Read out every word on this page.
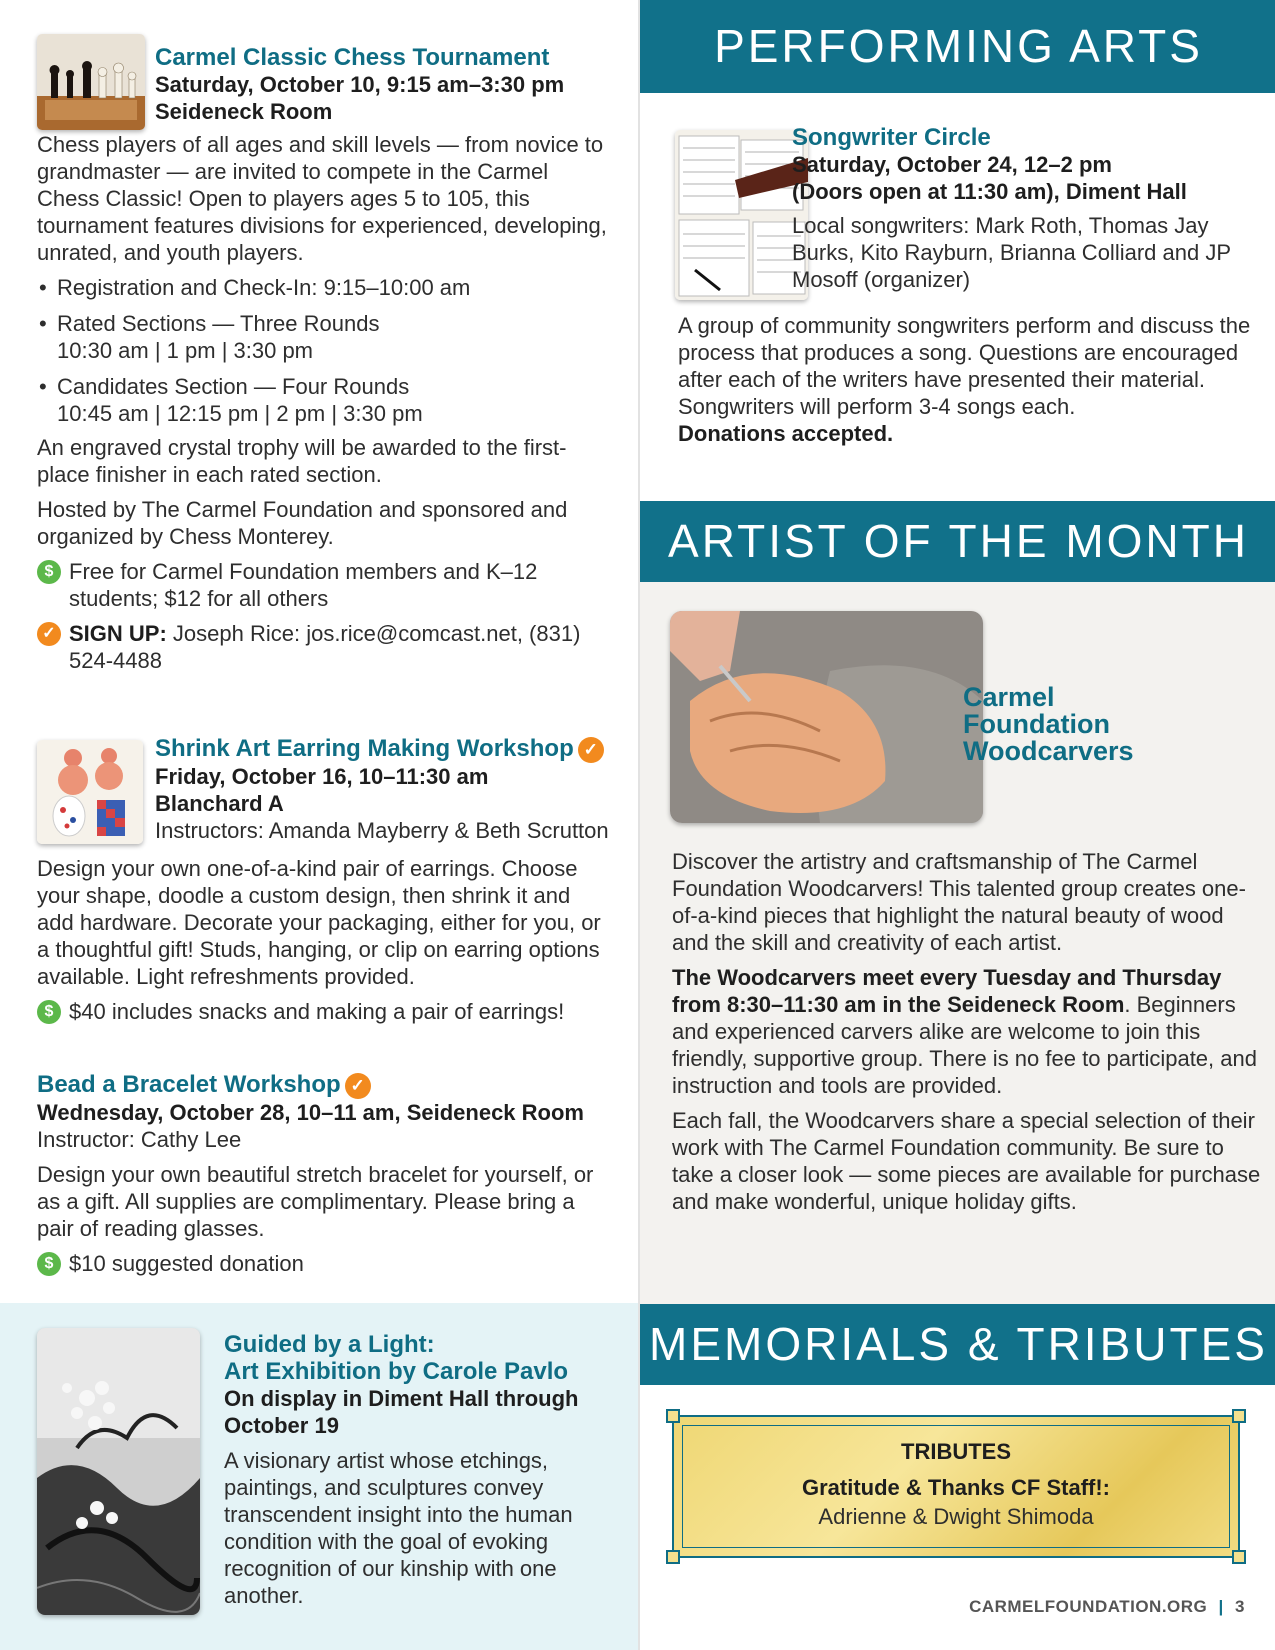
Carmel Classic Chess Tournament
Saturday, October 10, 9:15 am–3:30 pm
Seideneck Room

Chess players of all ages and skill levels — from novice to grandmaster — are invited to compete in the Carmel Chess Classic! Open to players ages 5 to 105, this tournament features divisions for experienced, developing, unrated, and youth players.

• Registration and Check-In: 9:15–10:00 am
• Rated Sections — Three Rounds
10:30 am | 1 pm | 3:30 pm
• Candidates Section — Four Rounds
10:45 am | 12:15 pm | 2 pm | 3:30 pm

An engraved crystal trophy will be awarded to the first-place finisher in each rated section.

Hosted by The Carmel Foundation and sponsored and organized by Chess Monterey.

$ Free for Carmel Foundation members and K–12 students; $12 for all others
✓ SIGN UP: Joseph Rice: jos.rice@comcast.net, (831) 524-4488
Shrink Art Earring Making Workshop ✓
Friday, October 16, 10–11:30 am
Blanchard A
Instructors: Amanda Mayberry & Beth Scrutton

Design your own one-of-a-kind pair of earrings. Choose your shape, doodle a custom design, then shrink it and add hardware. Decorate your packaging, either for you, or a thoughtful gift! Studs, hanging, or clip on earring options available. Light refreshments provided.

$ $40 includes snacks and making a pair of earrings!
Bead a Bracelet Workshop ✓
Wednesday, October 28, 10–11 am, Seideneck Room
Instructor: Cathy Lee

Design your own beautiful stretch bracelet for yourself, or as a gift. All supplies are complimentary. Please bring a pair of reading glasses.

$ $10 suggested donation
Guided by a Light:
Art Exhibition by Carole Pavlo
On display in Diment Hall through October 19

A visionary artist whose etchings, paintings, and sculptures convey transcendent insight into the human condition with the goal of evoking recognition of our kinship with one another.

PERFORMING ARTS
Songwriter Circle
Saturday, October 24, 12–2 pm
(Doors open at 11:30 am), Diment Hall

Local songwriters: Mark Roth, Thomas Jay Burks, Kito Rayburn, Brianna Colliard and JP Mosoff (organizer)

A group of community songwriters perform and discuss the process that produces a song. Questions are encouraged after each of the writers have presented their material. Songwriters will perform 3-4 songs each.

Donations accepted.

ARTIST OF THE MONTH
Carmel Foundation Woodcarvers

Discover the artistry and craftsmanship of The Carmel Foundation Woodcarvers! This talented group creates one-of-a-kind pieces that highlight the natural beauty of wood and the skill and creativity of each artist.

The Woodcarvers meet every Tuesday and Thursday from 8:30–11:30 am in the Seideneck Room. Beginners and experienced carvers alike are welcome to join this friendly, supportive group. There is no fee to participate, and instruction and tools are provided.

Each fall, the Woodcarvers share a special selection of their work with The Carmel Foundation community. Be sure to take a closer look — some pieces are available for purchase and make wonderful, unique holiday gifts.

MEMORIALS & TRIBUTES
TRIBUTES
Gratitude & Thanks CF Staff!:
Adrienne & Dwight Shimoda
CARMELFOUNDATION.ORG | 3
